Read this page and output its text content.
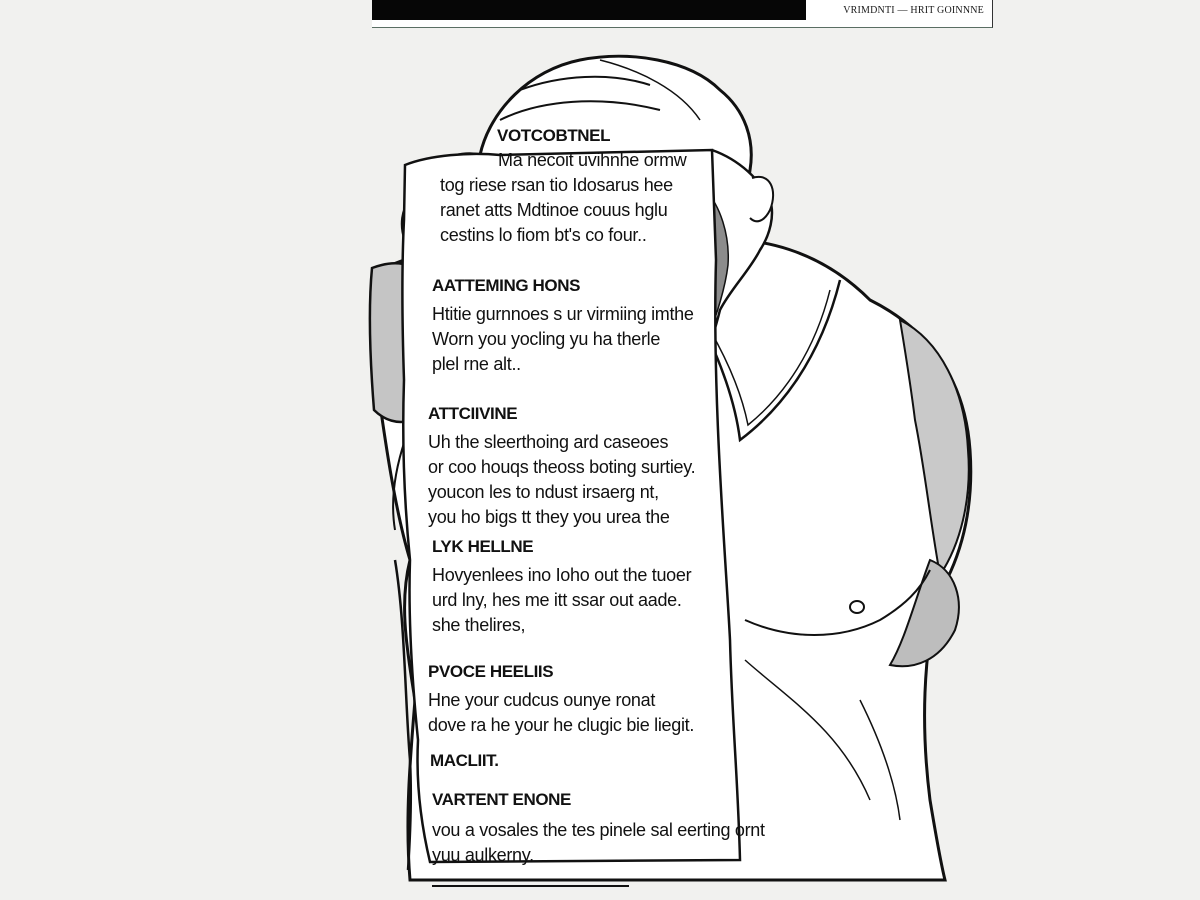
VRIMDNTI — HRIT GOINNNE

VOTCOBTNEL

Ma necoit uvihnhe ormw

tog riese rsan tio Idosarus hee

ranet atts Mdtinoe couus hglu

cestins lo fiom bt's co four..

AATTEMING HONS

Htitie gurnnoes s ur virmiing imthe

Worn you yocling yu ha therle

plel rne alt..

ATTCIIVINE

Uh the sleerthoing ard caseoes

or coo houqs theoss boting surtiey.

youcon les to ndust irsaerg nt,

you ho bigs tt they you urea the

LYK HELLNE

Hovyenlees ino Ioho out the tuoer

urd lny, hes me itt ssar out aade.

she thelires,

PVOCE HEELIIS

Hne your cudcus ounye ronat

dove ra he your he clugic bie liegit.

MACLIIT.

VARTENT ENONE

vou a vosales the tes pinele sal eerting ornt

yuu aulkerny.
